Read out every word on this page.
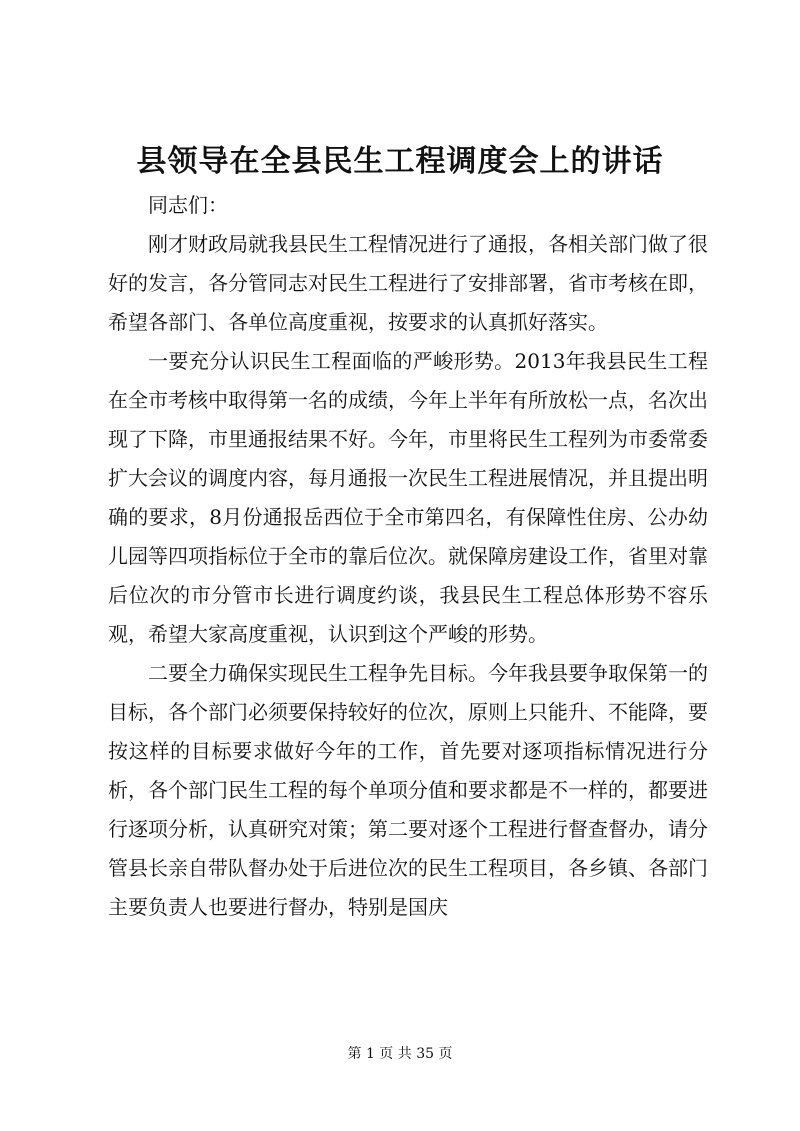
县领导在全县民生工程调度会上的讲话

同志们：

刚才财政局就我县民生工程情况进行了通报，各相关部门做了很好的发言，各分管同志对民生工程进行了安排部署，省市考核在即，希望各部门、各单位高度重视，按要求的认真抓好落实。

一要充分认识民生工程面临的严峻形势。2013年我县民生工程在全市考核中取得第一名的成绩，今年上半年有所放松一点，名次出现了下降，市里通报结果不好。今年，市里将民生工程列为市委常委扩大会议的调度内容，每月通报一次民生工程进展情况，并且提出明确的要求，8月份通报岳西位于全市第四名，有保障性住房、公办幼儿园等四项指标位于全市的靠后位次。就保障房建设工作，省里对靠后位次的市分管市长进行调度约谈，我县民生工程总体形势不容乐观，希望大家高度重视，认识到这个严峻的形势。

二要全力确保实现民生工程争先目标。今年我县要争取保第一的目标，各个部门必须要保持较好的位次，原则上只能升、不能降，要按这样的目标要求做好今年的工作，首先要对逐项指标情况进行分析，各个部门民生工程的每个单项分值和要求都是不一样的，都要进行逐项分析，认真研究对策；第二要对逐个工程进行督查督办，请分管县长亲自带队督办处于后进位次的民生工程项目，各乡镇、各部门主要负责人也要进行督办，特别是国庆

第 1 页 共 35 页
